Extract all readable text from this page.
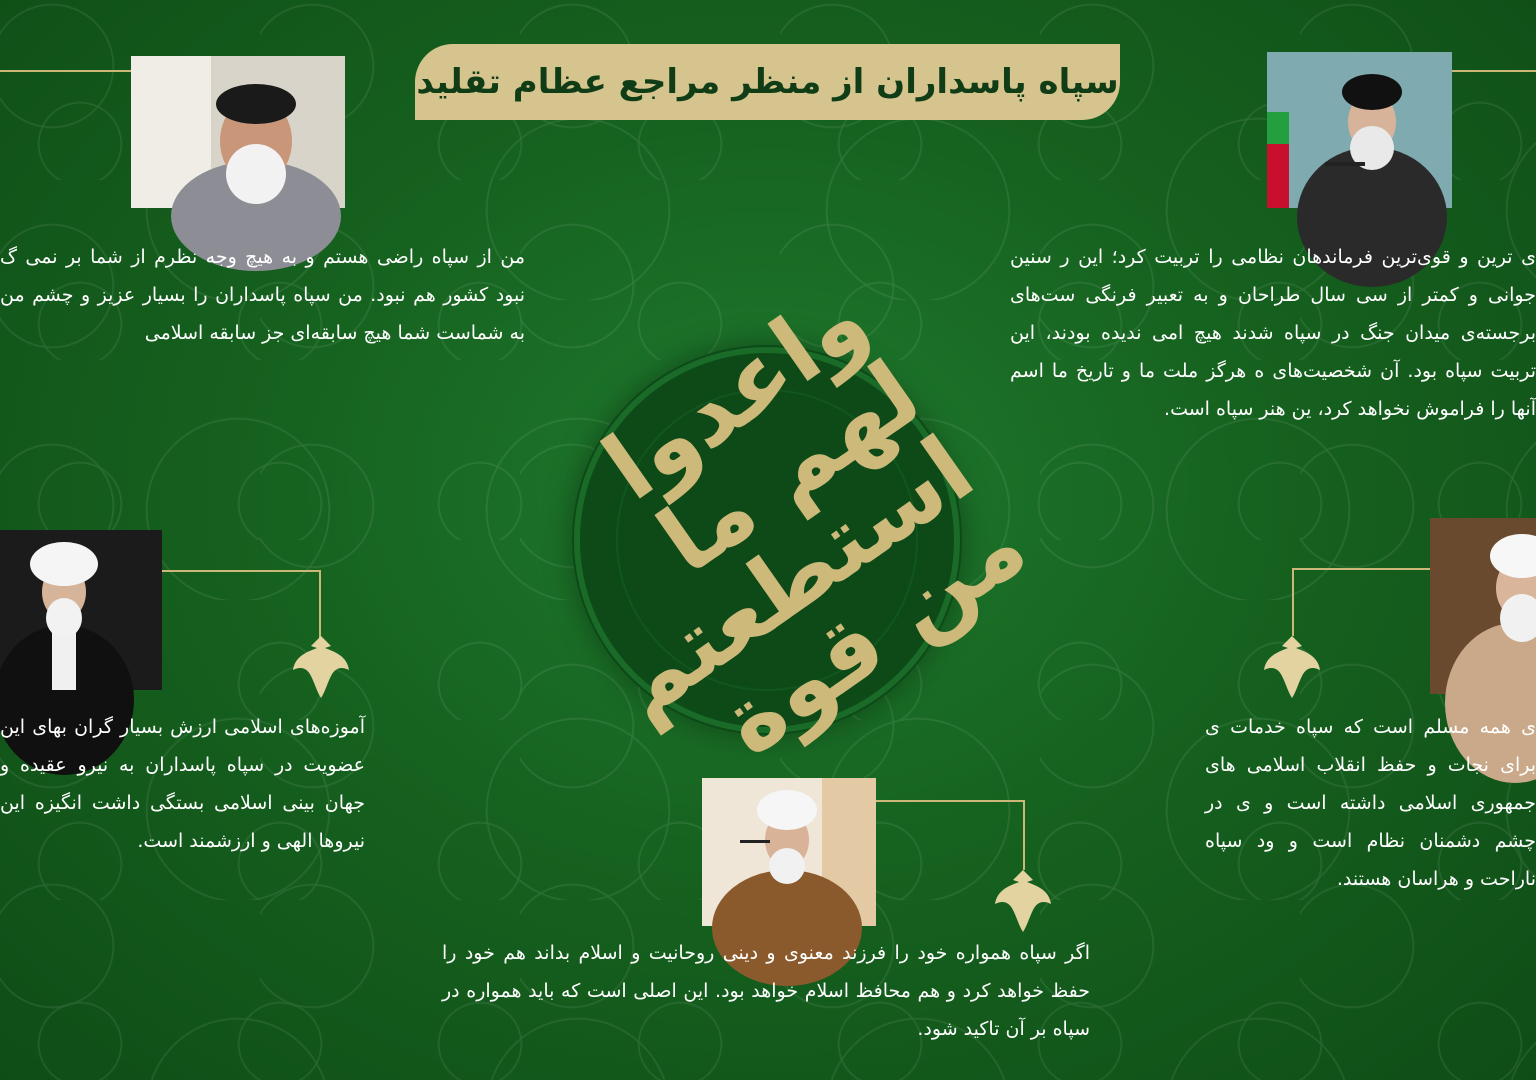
سپاه پاسداران از منظر مراجع عظام تقلید
واعدوا لهم ما استطعتم من قوة
من از سپاه راضی هستم و به هیچ وجه نظرم از شما بر نمی گ نبود کشور هم نبود. من سپاه پاسداران را بسیار عزیز و چشم من به شماست شما هیچ سابقه‌ای جز سابقه اسلامی
ی ترین و قوی‌ترین فرماندهان نظامی را تربیت کرد؛ این ر سنین جوانی و کمتر از سی سال طراحان و به تعبیر فرنگی ست‌های برجسته‌ی میدان جنگ در سپاه شدند هیچ امی ندیده بودند، این تربیت سپاه بود. آن شخصیت‌های ه هرگز ملت ما و تاریخ ما اسم آنها را فراموش نخواهد کرد، ین هنر سپاه است.
آموزه‌های اسلامی ارزش بسیار گران بهای این عضویت در سپاه پاسداران به نیرو عقیده و جهان بینی اسلامی بستگی داشت انگیزه این نیروها الهی و ارزشمند است.
ی همه مسلم است که سپاه خدمات ی برای نجات و حفظ انقلاب اسلامی های جمهوری اسلامی داشته است و ی در چشم دشمنان نظام است و ود سپاه ناراحت و هراسان هستند.
اگر سپاه همواره خود را فرزند معنوی و دینی روحانیت و اسلام بداند هم خود را حفظ خواهد کرد و هم محافظ اسلام خواهد بود. این اصلی است که باید همواره در سپاه بر آن تاکید شود.
